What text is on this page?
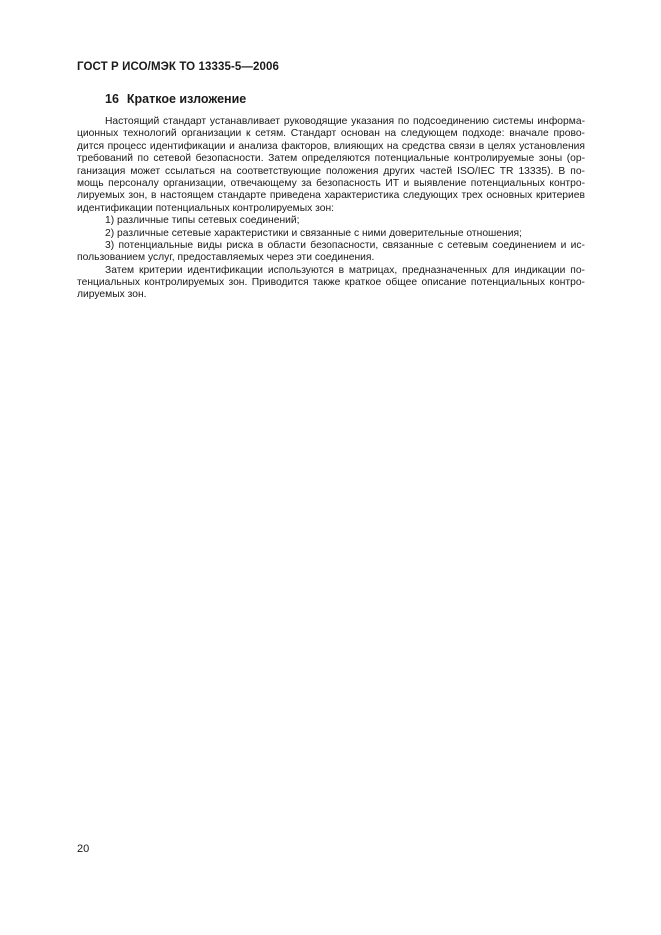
ГОСТ Р ИСО/МЭК ТО 13335-5—2006
16 Краткое изложение
Настоящий стандарт устанавливает руководящие указания по подсоединению системы информа-
ционных технологий организации к сетям. Стандарт основан на следующем подходе: вначале прово-
дится процесс идентификации и анализа факторов, влияющих на средства связи в целях установления
требований по сетевой безопасности. Затем определяются потенциальные контролируемые зоны (ор-
ганизация может ссылаться на соответствующие положения других частей ISO/IEC TR 13335). В по-
мощь персоналу организации, отвечающему за безопасность ИТ и выявление потенциальных контро-
лируемых зон, в настоящем стандарте приведена характеристика следующих трех основных критериев
идентификации потенциальных контролируемых зон:
1) различные типы сетевых соединений;
2) различные сетевые характеристики и связанные с ними доверительные отношения;
3) потенциальные виды риска в области безопасности, связанные с сетевым соединением и ис-
пользованием услуг, предоставляемых через эти соединения.
Затем критерии идентификации используются в матрицах, предназначенных для индикации по-
тенциальных контролируемых зон. Приводится также краткое общее описание потенциальных контро-
лируемых зон.
20
